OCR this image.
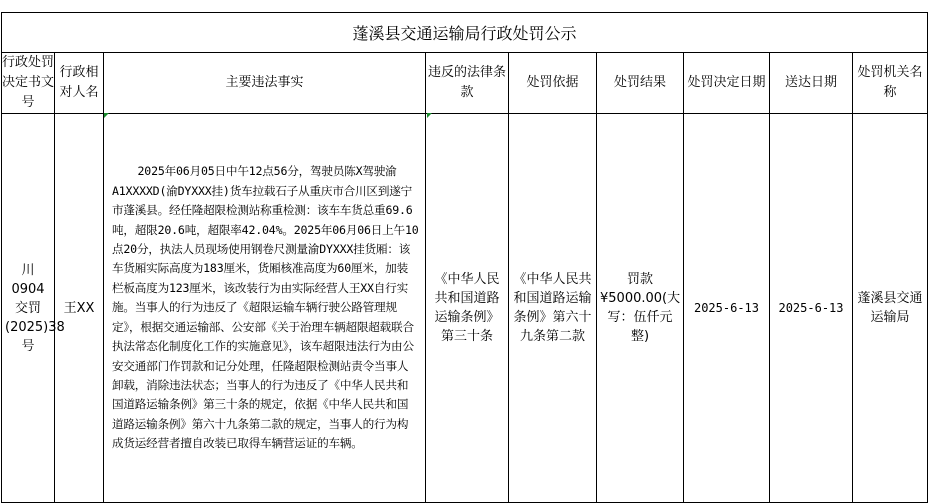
蓬溪县交通运输局行政处罚公示								
行政处罚决定书文号	行政相对人名	主要违法事实	违反的法律条款	处罚依据	处罚结果	处罚决定日期	送达日期	处罚机关名称
川0904交罚(2025)38号	王XX	2025年06月05日中午12点56分，驾驶员陈X驾驶渝A1XXXXD(渝DYXXX挂)货车拉载石子从重庆市合川区到遂宁市蓬溪县。经任隆超限检测站称重检测：该车车货总重69.6吨，超限20.6吨，超限率42.04%。2025年06月06日上午10点20分，执法人员现场使用钢卷尺测量渝DYXXX挂货厢：该车货厢实际高度为183厘米，货厢核准高度为60厘米，加装栏板高度为123厘米，该改装行为由实际经营人王XX自行实施。当事人的行为违反了《超限运输车辆行驶公路管理规定》，根据交通运输部、公安部《关于治理车辆超限超载联合执法常态化制度化工作的实施意见》，该车超限违法行为由公安交通部门作罚款和记分处理，任隆超限检测站责令当事人卸载，消除违法状态；当事人的行为违反了《中华人民共和国道路运输条例》第三十条的规定，依据《中华人民共和国道路运输条例》第六十九条第二款的规定，当事人的行为构成货运经营者擅自改装已取得车辆营运证的车辆。	《中华人民共和国道路运输条例》第三十条	《中华人民共和国道路运输条例》第六十九条第二款	罚款¥5000.00(大写：伍仟元整)	2025-6-13	2025-6-13	蓬溪县交通运输局
